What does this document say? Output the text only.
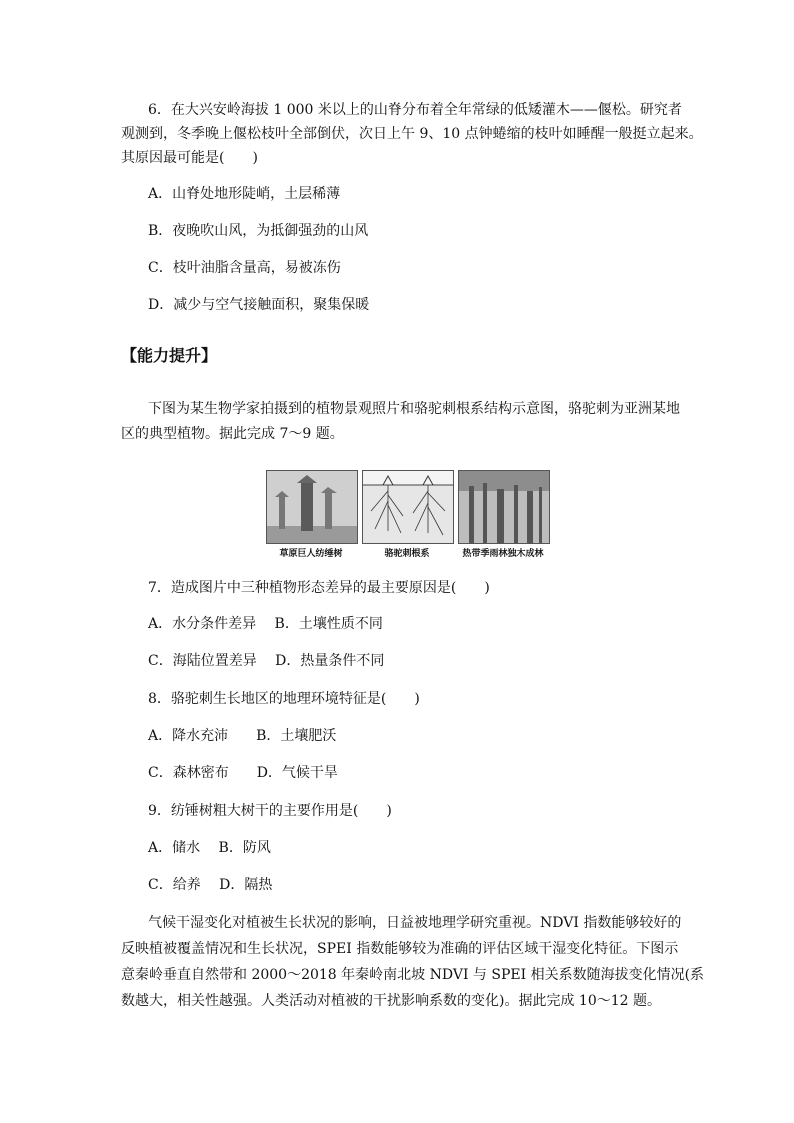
6．在大兴安岭海拔 1 000 米以上的山脊分布着全年常绿的低矮灌木——偃松。研究者
观测到，冬季晚上偃松枝叶全部倒伏，次日上午 9、10 点钟蜷缩的枝叶如睡醒一般挺立起来。
其原因最可能是(　　)
A．山脊处地形陡峭，土层稀薄
B．夜晚吹山风，为抵御强劲的山风
C．枝叶油脂含量高，易被冻伤
D．减少与空气接触面积，聚集保暖
【能力提升】
下图为某生物学家拍摄到的植物景观照片和骆驼刺根系结构示意图，骆驼刺为亚洲某地
区的典型植物。据此完成 7～9 题。
草原巨人纺缍树	骆驼刺根系	热带季雨林独木成林
7．造成图片中三种植物形态差异的最主要原因是(　　)
A．水分条件差异　 B．土壤性质不同
C．海陆位置差异　 D．热量条件不同
8．骆驼刺生长地区的地理环境特征是(　　)
A．降水充沛　　B．土壤肥沃
C．森林密布　　D．气候干旱
9．纺锤树粗大树干的主要作用是(　　)
A．储水　 B．防风
C．给养　 D．隔热
气候干湿变化对植被生长状况的影响，日益被地理学研究重视。NDVI 指数能够较好的
反映植被覆盖情况和生长状况，SPEI 指数能够较为准确的评估区域干湿变化特征。下图示
意秦岭垂直自然带和 2000～2018 年秦岭南北坡 NDVI 与 SPEI 相关系数随海拔变化情况(系
数越大，相关性越强。人类活动对植被的干扰影响系数的变化)。据此完成 10～12 题。
